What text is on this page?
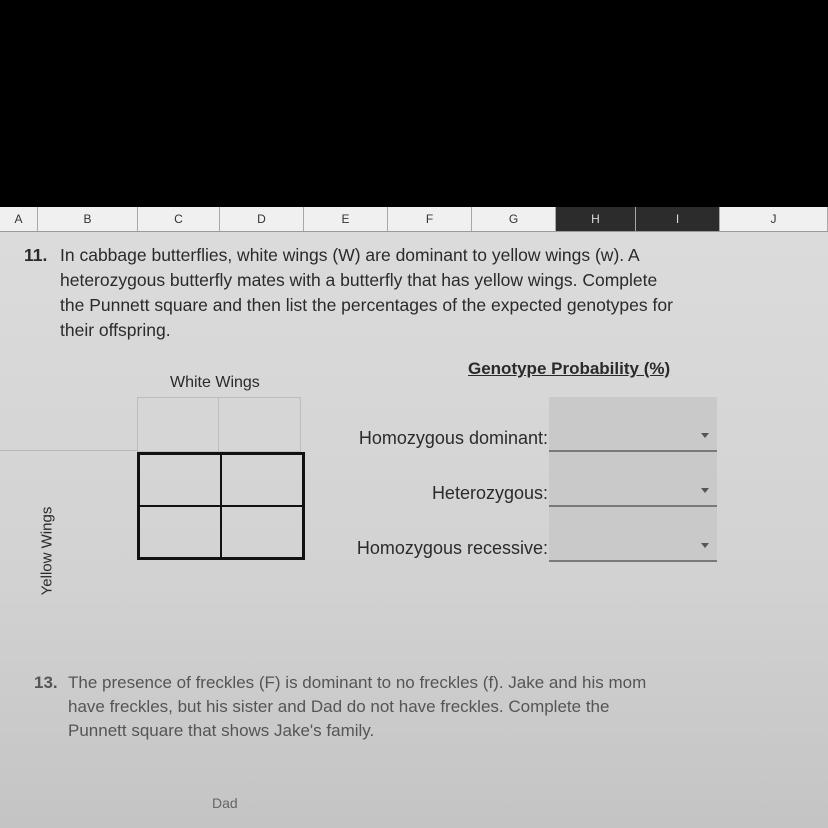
A	B	C	D	E	F	G	H	I	J
11. In cabbage butterflies, white wings (W) are dominant to yellow wings (w). A
heterozygous butterfly mates with a butterfly that has yellow wings. Complete
the Punnett square and then list the percentages of the expected genotypes for
their offspring.
White Wings
Yellow Wings
Genotype Probability (%)
Homozygous dominant:
Heterozygous:
Homozygous recessive:
13. The presence of freckles (F) is dominant to no freckles (f). Jake and his mom
have freckles, but his sister and Dad do not have freckles. Complete the
Punnett square that shows Jake's family.
Dad
